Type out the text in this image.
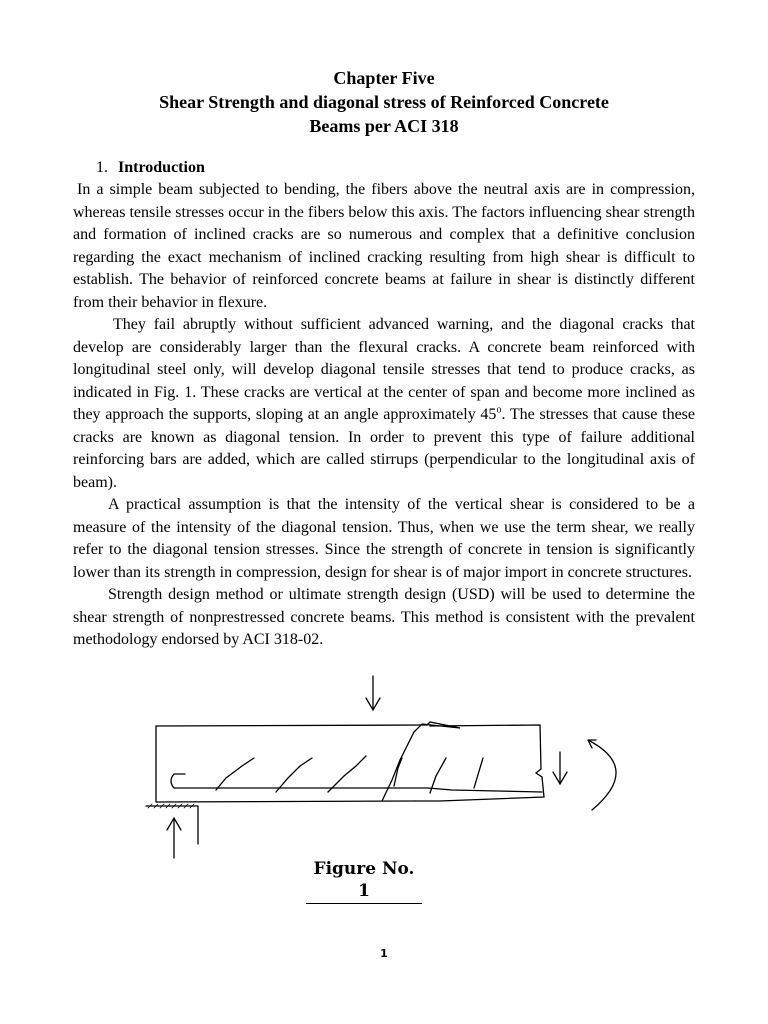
Chapter Five

Shear Strength and diagonal stress of Reinforced Concrete

Beams per ACI 318

1. Introduction

In a simple beam subjected to bending, the fibers above the neutral axis are in compression, whereas tensile stresses occur in the fibers below this axis. The factors influencing shear strength and formation of inclined cracks are so numerous and complex that a definitive conclusion regarding the exact mechanism of inclined cracking resulting from high shear is difficult to establish. The behavior of reinforced concrete beams at failure in shear is distinctly different from their behavior in flexure.

They fail abruptly without sufficient advanced warning, and the diagonal cracks that develop are considerably larger than the flexural cracks. A concrete beam reinforced with longitudinal steel only, will develop diagonal tensile stresses that tend to produce cracks, as indicated in Fig. 1. These cracks are vertical at the center of span and become more inclined as they approach the supports, sloping at an angle approximately 45$^o$. The stresses that cause these cracks are known as diagonal tension. In order to prevent this type of failure additional reinforcing bars are added, which are called stirrups (perpendicular to the longitudinal axis of beam).

A practical assumption is that the intensity of the vertical shear is considered to be a measure of the intensity of the diagonal tension. Thus, when we use the term shear, we really refer to the diagonal tension stresses. Since the strength of concrete in tension is significantly lower than its strength in compression, design for shear is of major import in concrete structures.

Strength design method or ultimate strength design (USD) will be used to determine the shear strength of nonprestressed concrete beams. This method is consistent with the prevalent methodology endorsed by ACI 318-02.

Figure No. 1
1
